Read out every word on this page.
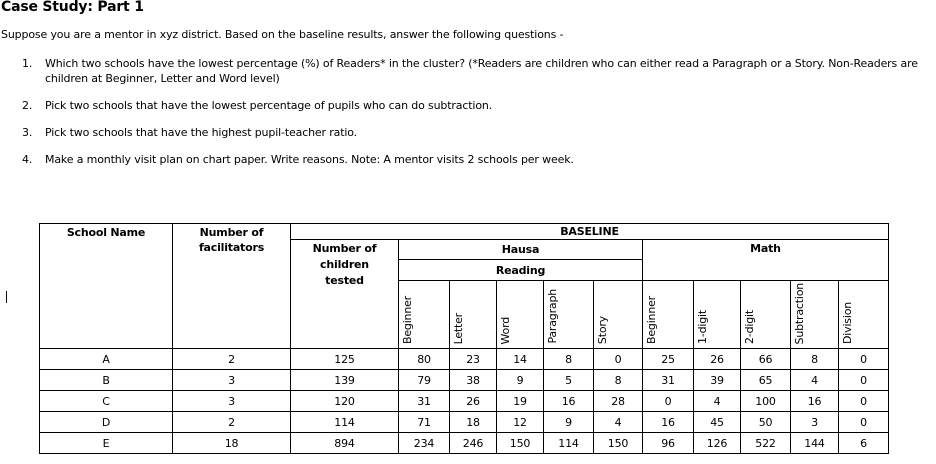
Case Study: Part 1
Suppose you are a mentor in xyz district. Based on the baseline results, answer the following questions -
1. Which two schools have the lowest percentage (%) of Readers* in the cluster? (*Readers are children who can either read a Paragraph or a Story. Non-Readers are children at Beginner, Letter and Word level)
2. Pick two schools that have the lowest percentage of pupils who can do subtraction.
3. Pick two schools that have the highest pupil-teacher ratio.
4. Make a monthly visit plan on chart paper. Write reasons. Note: A mentor visits 2 schools per week.
School Name	Number of facilitators	BASELINE										
		Number of children tested	Hausa					Math				
			Reading									
			Beginner	Letter	Word	Paragraph	Story	Beginner	1-digit	2-digit	Subtraction	Division
A	2	125	80	23	14	8	0	25	26	66	8	0
B	3	139	79	38	9	5	8	31	39	65	4	0
C	3	120	31	26	19	16	28	0	4	100	16	0
D	2	114	71	18	12	9	4	16	45	50	3	0
E	18	894	234	246	150	114	150	96	126	522	144	6
